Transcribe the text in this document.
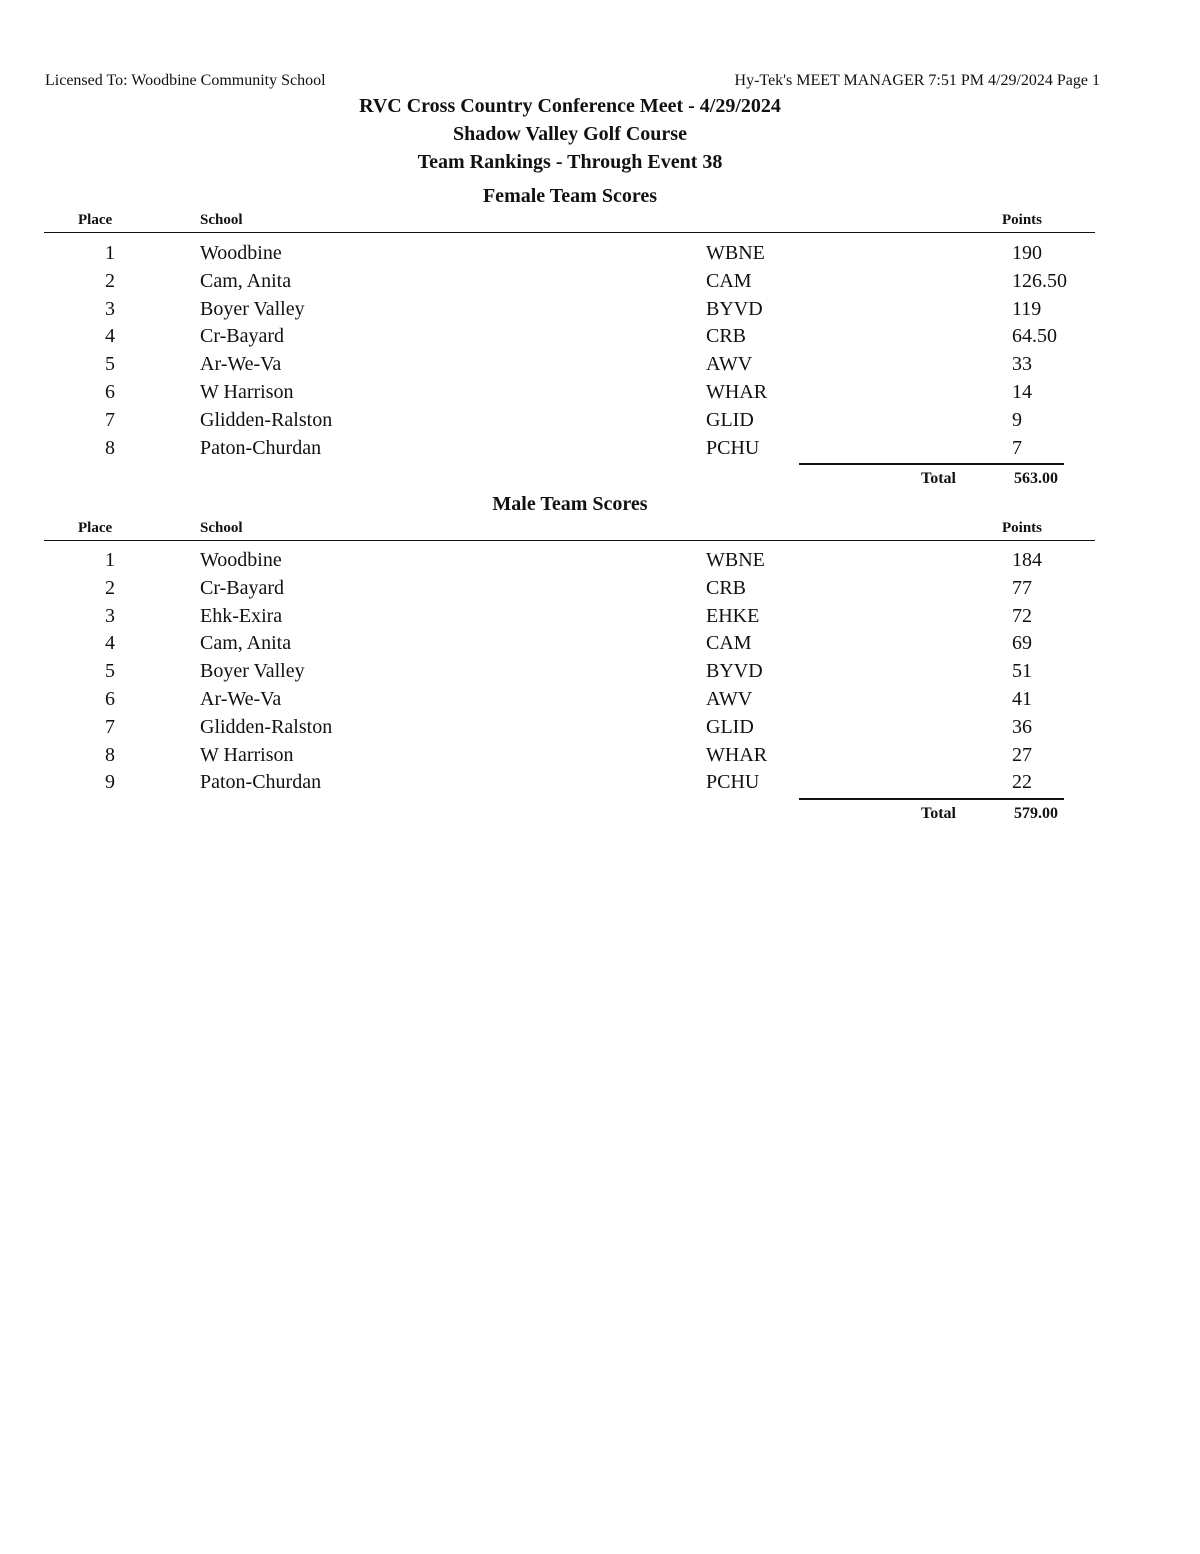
Licensed To: Woodbine Community School	Hy-Tek's MEET MANAGER 7:51 PM 4/29/2024 Page 1
RVC Cross Country Conference Meet - 4/29/2024
Shadow Valley Golf Course
Team Rankings - Through Event 38
Female Team Scores
Place	School	Points
1	Woodbine	WBNE	190
2	Cam, Anita	CAM	126.50
3	Boyer Valley	BYVD	119
4	Cr-Bayard	CRB	64.50
5	Ar-We-Va	AWV	33
6	W Harrison	WHAR	14
7	Glidden-Ralston	GLID	9
8	Paton-Churdan	PCHU	7
Total	563.00
Male Team Scores
Place	School	Points
1	Woodbine	WBNE	184
2	Cr-Bayard	CRB	77
3	Ehk-Exira	EHKE	72
4	Cam, Anita	CAM	69
5	Boyer Valley	BYVD	51
6	Ar-We-Va	AWV	41
7	Glidden-Ralston	GLID	36
8	W Harrison	WHAR	27
9	Paton-Churdan	PCHU	22
Total	579.00
